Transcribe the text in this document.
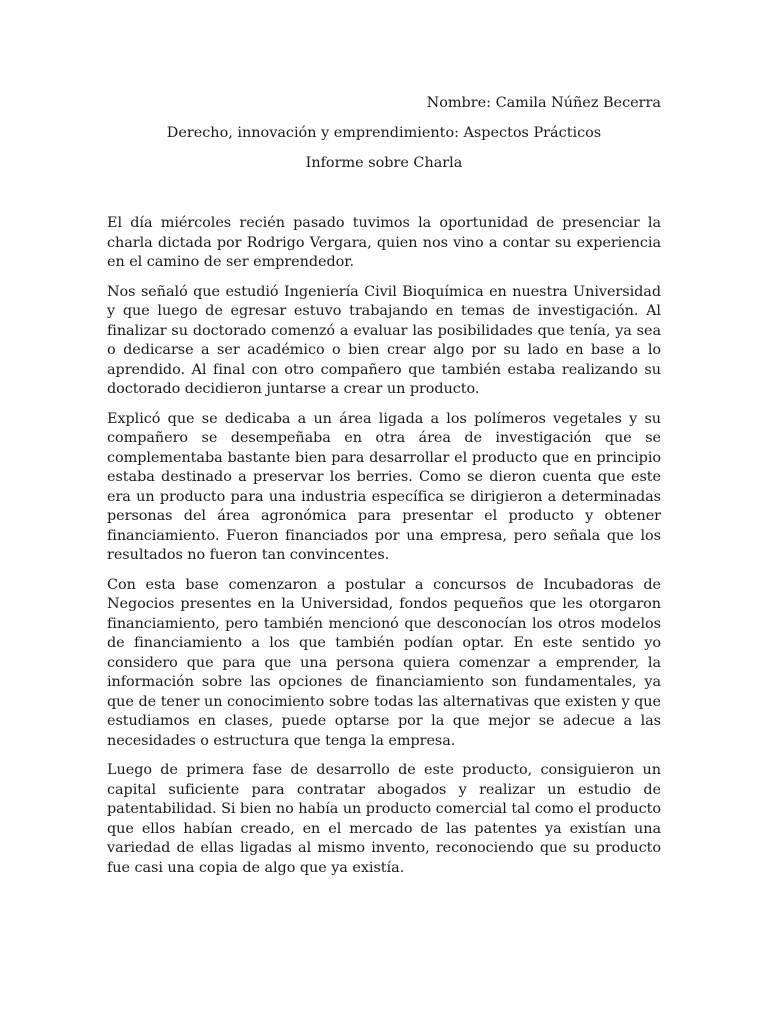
Nombre: Camila Núñez Becerra

Derecho, innovación y emprendimiento: Aspectos Prácticos

Informe sobre Charla

El día miércoles recién pasado tuvimos la oportunidad de presenciar la charla dictada por Rodrigo Vergara, quien nos vino a contar su experiencia en el camino de ser emprendedor.

Nos señaló que estudió Ingeniería Civil Bioquímica en nuestra Universidad y que luego de egresar estuvo trabajando en temas de investigación. Al finalizar su doctorado comenzó a evaluar las posibilidades que tenía, ya sea o dedicarse a ser académico o bien crear algo por su lado en base a lo aprendido. Al final con otro compañero que también estaba realizando su doctorado decidieron juntarse a crear un producto.

Explicó que se dedicaba a un área ligada a los polímeros vegetales y su compañero se desempeñaba en otra área de investigación que se complementaba bastante bien para desarrollar el producto que en principio estaba destinado a preservar los berries. Como se dieron cuenta que este era un producto para una industria específica se dirigieron a determinadas personas del área agronómica para presentar el producto y obtener financiamiento. Fueron financiados por una empresa, pero señala que los resultados no fueron tan convincentes.

Con esta base comenzaron a postular a concursos de Incubadoras de Negocios presentes en la Universidad, fondos pequeños que les otorgaron financiamiento, pero también mencionó que desconocían los otros modelos de financiamiento a los que también podían optar. En este sentido yo considero que para que una persona quiera comenzar a emprender, la información sobre las opciones de financiamiento son fundamentales, ya que de tener un conocimiento sobre todas las alternativas que existen y que estudiamos en clases, puede optarse por la que mejor se adecue a las necesidades o estructura que tenga la empresa.

Luego de primera fase de desarrollo de este producto, consiguieron un capital suficiente para contratar abogados y realizar un estudio de patentabilidad. Si bien no había un producto comercial tal como el producto que ellos habían creado, en el mercado de las patentes ya existían una variedad de ellas ligadas al mismo invento, reconociendo que su producto fue casi una copia de algo que ya existía.
